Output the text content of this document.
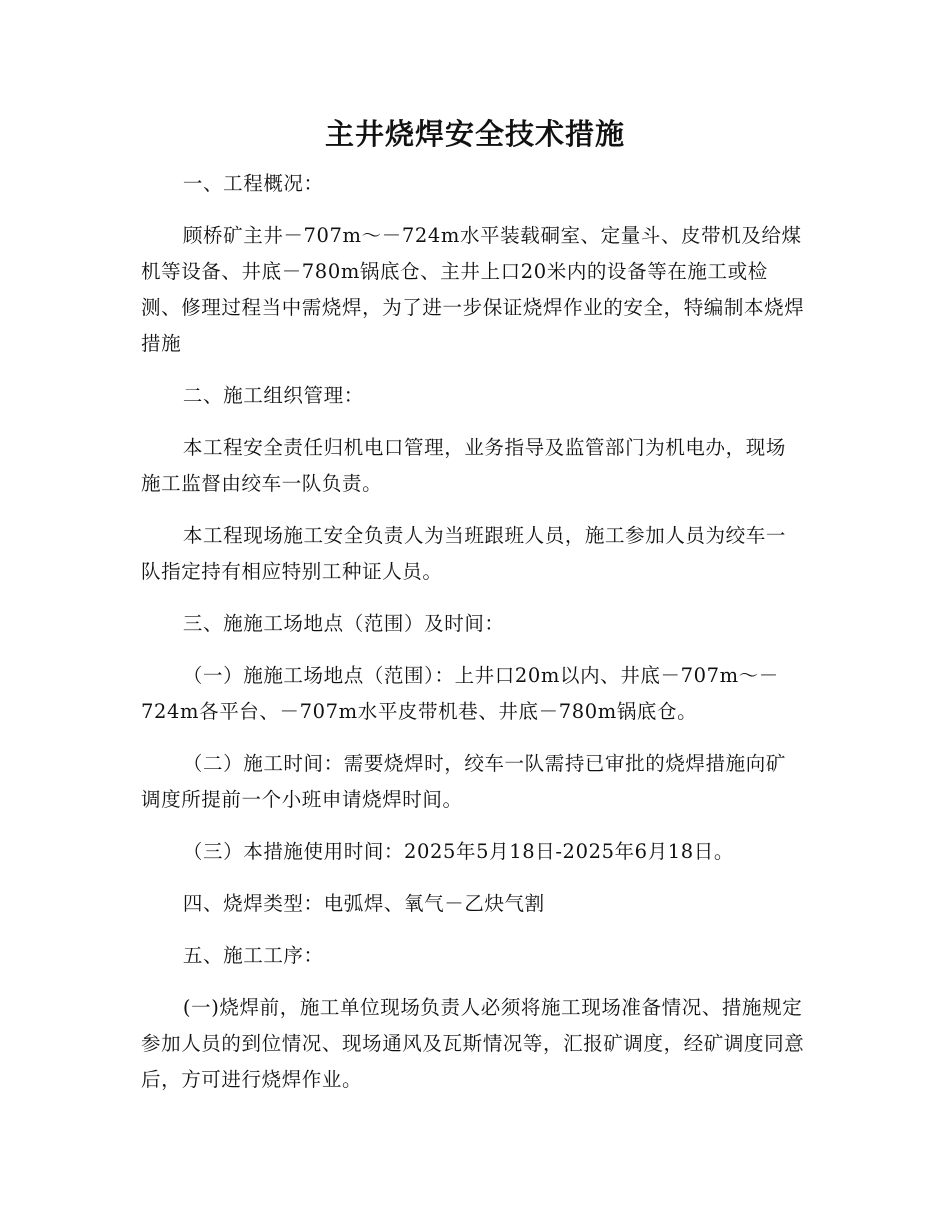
主井烧焊安全技术措施

一、工程概况：

顾桥矿主井－707m～－724m水平装载硐室、定量斗、皮带机及给煤机等设备、井底－780m锅底仓、主井上口20米内的设备等在施工或检测、修理过程当中需烧焊，为了进一步保证烧焊作业的安全，特编制本烧焊措施

二、施工组织管理：

本工程安全责任归机电口管理，业务指导及监管部门为机电办，现场施工监督由绞车一队负责。

本工程现场施工安全负责人为当班跟班人员，施工参加人员为绞车一队指定持有相应特别工种证人员。

三、施施工场地点（范围）及时间：

（一）施施工场地点（范围）：上井口20m以内、井底－707m～－724m各平台、－707m水平皮带机巷、井底－780m锅底仓。

（二）施工时间：需要烧焊时，绞车一队需持已审批的烧焊措施向矿调度所提前一个小班申请烧焊时间。

（三）本措施使用时间：2025年5月18日-2025年6月18日。

四、烧焊类型：电弧焊、氧气－乙炔气割

五、施工工序：

(一)烧焊前，施工单位现场负责人必须将施工现场准备情况、措施规定参加人员的到位情况、现场通风及瓦斯情况等，汇报矿调度，经矿调度同意后，方可进行烧焊作业。
